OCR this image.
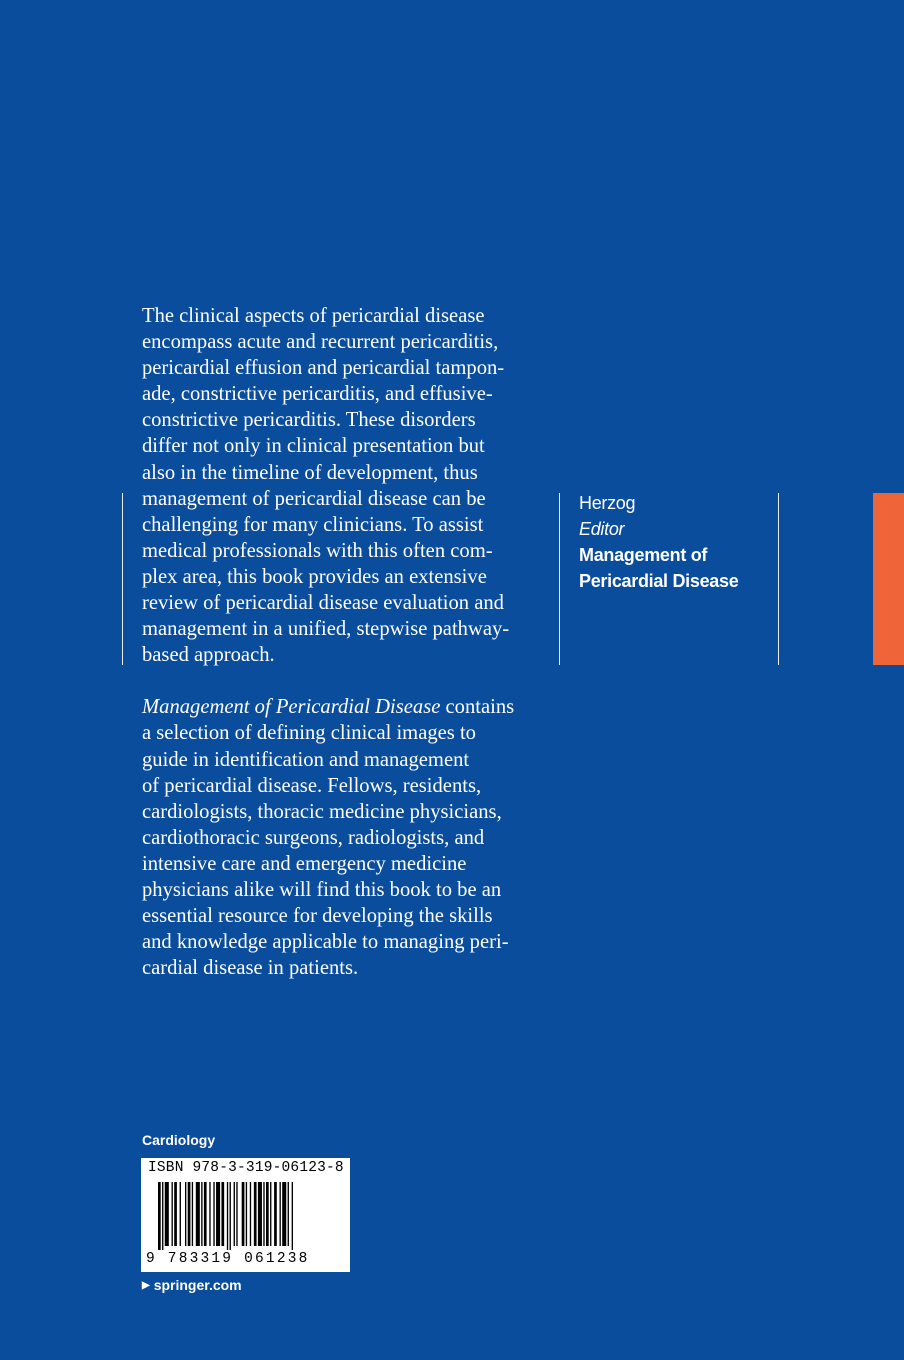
The clinical aspects of pericardial disease
encompass acute and recurrent pericarditis,
pericardial effusion and pericardial tampon-
ade, constrictive pericarditis, and effusive-
constrictive pericarditis. These disorders
differ not only in clinical presentation but
also in the timeline of development, thus
management of pericardial disease can be
challenging for many clinicians. To assist
medical professionals with this often com-
plex area, this book provides an extensive
review of pericardial disease evaluation and
management in a unified, stepwise pathway-
based approach.

Management of Pericardial Disease contains
a selection of defining clinical images to
guide in identification and management
of pericardial disease. Fellows, residents,
cardiologists, thoracic medicine physicians,
cardiothoracic surgeons, radiologists, and
intensive care and emergency medicine
physicians alike will find this book to be an
essential resource for developing the skills
and knowledge applicable to managing peri-
cardial disease in patients.

Herzog
Editor
Management of
Pericardial Disease
Cardiology
ISBN 978-3-319-06123-8
9 783319 061238
▶ springer.com
